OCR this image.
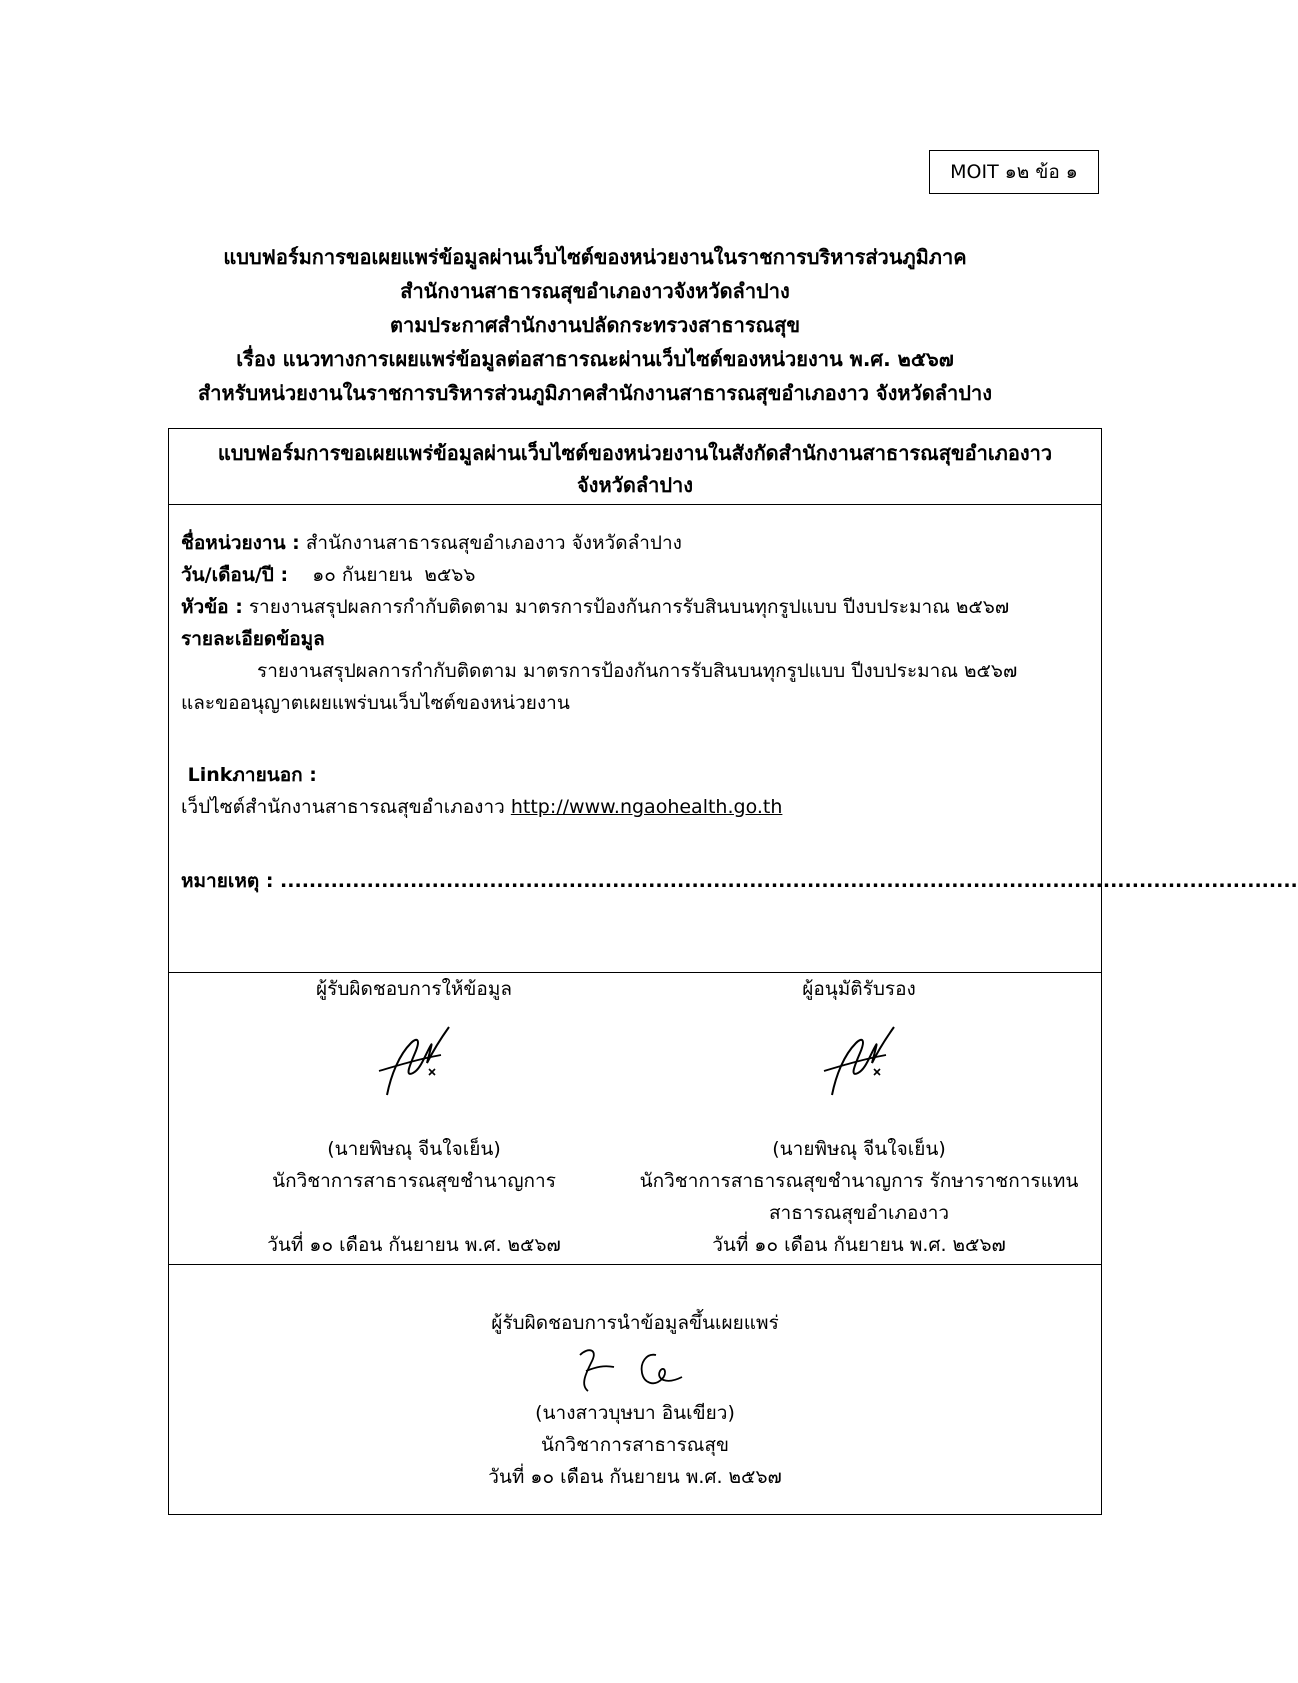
MOIT ๑๒ ข้อ ๑
แบบฟอร์มการขอเผยแพร่ข้อมูลผ่านเว็บไซต์ของหน่วยงานในราชการบริหารส่วนภูมิภาค
สำนักงานสาธารณสุขอำเภองาวจังหวัดลำปาง
ตามประกาศสำนักงานปลัดกระทรวงสาธารณสุข
เรื่อง แนวทางการเผยแพร่ข้อมูลต่อสาธารณะผ่านเว็บไซต์ของหน่วยงาน พ.ศ. ๒๕๖๗
สำหรับหน่วยงานในราชการบริหารส่วนภูมิภาคสำนักงานสาธารณสุขอำเภองาว จังหวัดลำปาง
แบบฟอร์มการขอเผยแพร่ข้อมูลผ่านเว็บไซต์ของหน่วยงานในสังกัดสำนักงานสาธารณสุขอำเภองาว
จังหวัดลำปาง
ชื่อหน่วยงาน : สำนักงานสาธารณสุขอำเภองาว จังหวัดลำปาง
วัน/เดือน/ปี :    ๑๐ กันยายน  ๒๕๖๖
หัวข้อ : รายงานสรุปผลการกำกับติดตาม มาตรการป้องกันการรับสินบนทุกรูปแบบ ปีงบประมาณ ๒๕๖๗
รายละเอียดข้อมูล
รายงานสรุปผลการกำกับติดตาม มาตรการป้องกันการรับสินบนทุกรูปแบบ ปีงบประมาณ ๒๕๖๗
และขออนุญาตเผยแพร่บนเว็บไซต์ของหน่วยงาน
Linkภายนอก :
เว็ปไซต์สำนักงานสาธารณสุขอำเภองาว http://www.ngaohealth.go.th
หมายเหตุ : .............................................................................................................................................
ผู้รับผิดชอบการให้ข้อมูล
(นายพิษณุ จีนใจเย็น)
นักวิชาการสาธารณสุขชำนาญการ
วันที่ ๑๐ เดือน กันยายน พ.ศ. ๒๕๖๗
ผู้อนุมัติรับรอง
(นายพิษณุ จีนใจเย็น)
นักวิชาการสาธารณสุขชำนาญการ รักษาราชการแทน
สาธารณสุขอำเภองาว
วันที่ ๑๐ เดือน กันยายน พ.ศ. ๒๕๖๗
ผู้รับผิดชอบการนำข้อมูลขึ้นเผยแพร่
(นางสาวบุษบา อินเขียว)
นักวิชาการสาธารณสุข
วันที่ ๑๐ เดือน กันยายน พ.ศ. ๒๕๖๗
